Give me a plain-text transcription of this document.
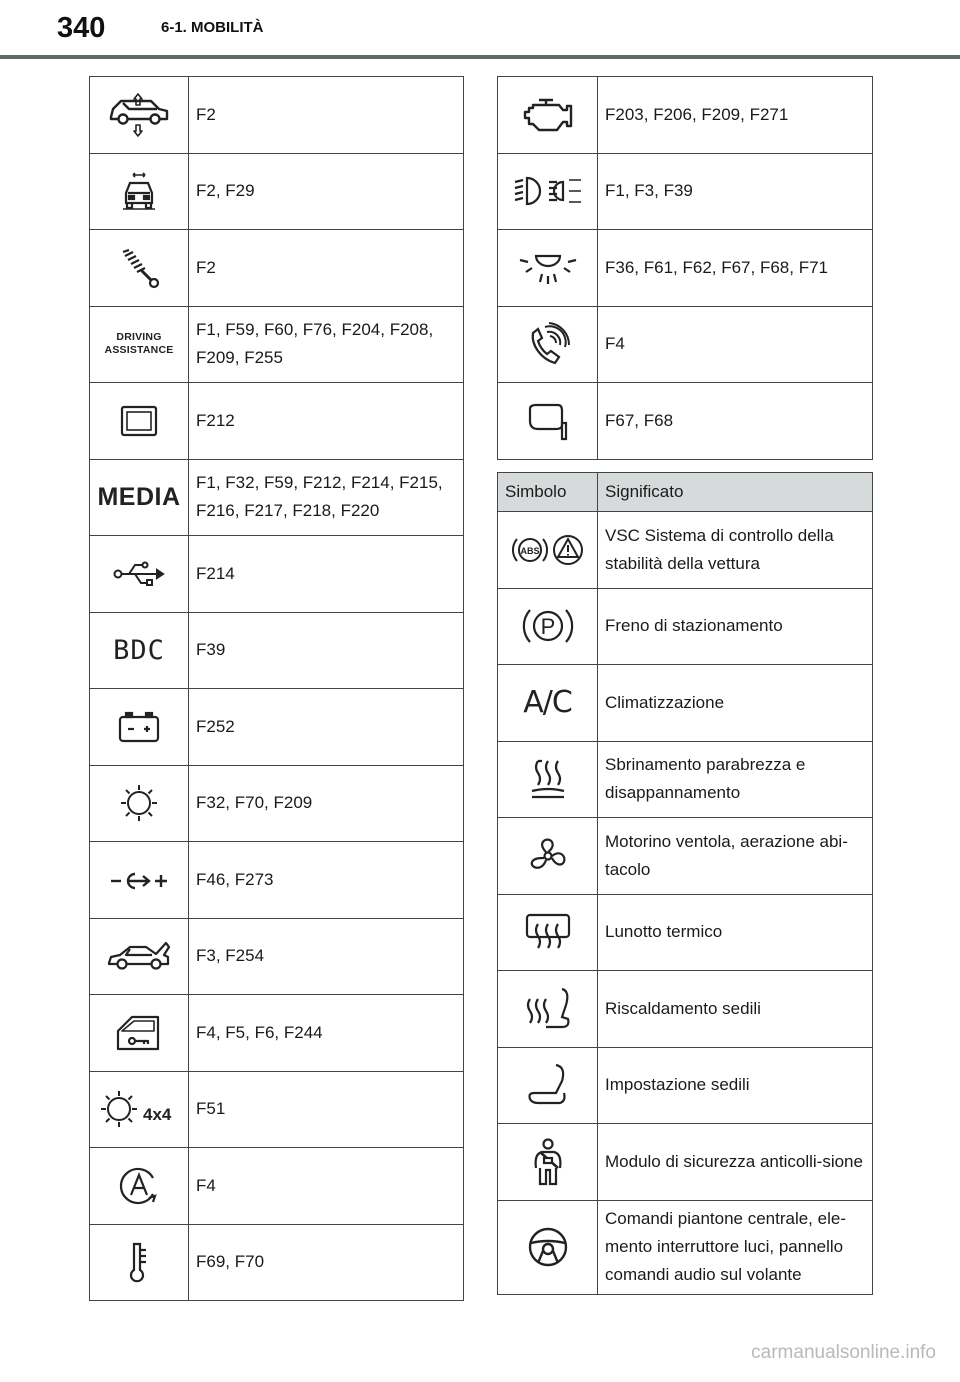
340	6-1. MOBILITÀ
	F2
	F2, F29
	F2

DRIVING
ASSISTANCE	F1, F59, F60, F76, F204, F208, F209, F255
	F212
MEDIA	F1, F32, F59, F212, F214, F215, F216, F217, F218, F220
	F214
BDC	F39
	F252
	F32, F70, F209
	F46, F273
	F3, F254
	F4, F5, F6, F244

4x4	F51
	F4
	F69, F70
	F203, F206, F209, F271
	F1, F3, F39
	F36, F61, F62, F67, F68, F71
	F4
	F67, F68
Simbolo	Significato

ABS	VSC Sistema di controllo della stabilità della vettura

P	Freno di stazionamento
A/C	Climatizzazione
	Sbrinamento parabrezza e disappannamento
	Motorino ventola, aerazione abi-tacolo
	Lunotto termico
	Riscaldamento sedili
	Impostazione sedili
	Modulo di sicurezza anticolli-sione
	Comandi piantone centrale, ele-mento interruttore luci, pannello comandi audio sul volante
carmanualsonline.info
